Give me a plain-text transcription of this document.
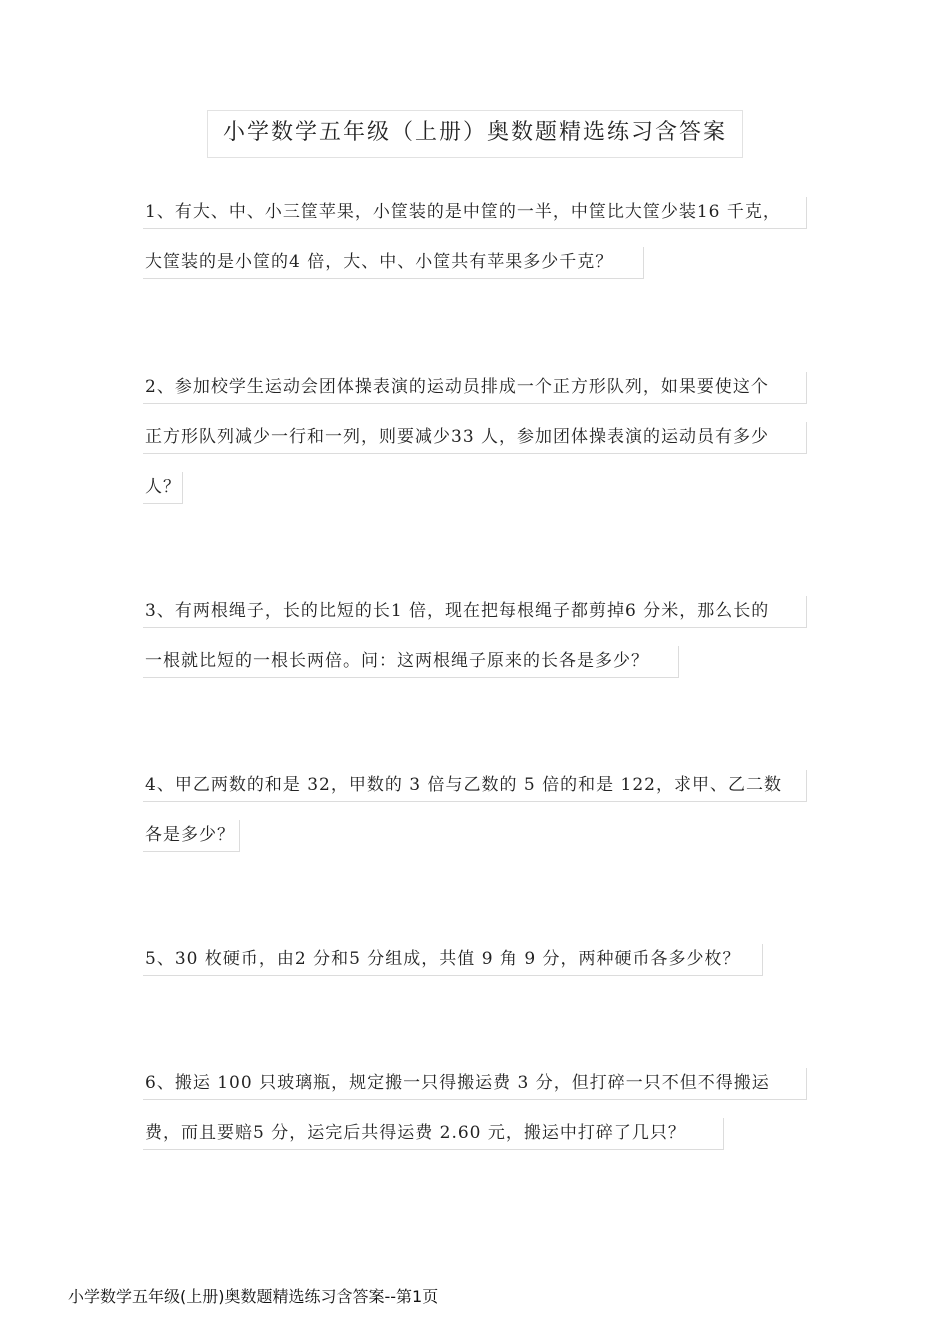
小学数学五年级（上册）奥数题精选练习含答案
1、有大、中、小三筐苹果，小筐装的是中筐的一半，中筐比大筐少装16 千克，
大筐装的是小筐的4 倍，大、中、小筐共有苹果多少千克？
2、参加校学生运动会团体操表演的运动员排成一个正方形队列，如果要使这个
正方形队列减少一行和一列，则要减少33 人，参加团体操表演的运动员有多少
人？
3、有两根绳子，长的比短的长1 倍，现在把每根绳子都剪掉6 分米，那么长的
一根就比短的一根长两倍。问：这两根绳子原来的长各是多少？
4、甲乙两数的和是 32，甲数的 3 倍与乙数的 5 倍的和是 122，求甲、乙二数
各是多少？
5、30 枚硬币，由2 分和5 分组成，共值 9 角 9 分，两种硬币各多少枚？
6、搬运 100 只玻璃瓶，规定搬一只得搬运费 3 分，但打碎一只不但不得搬运
费，而且要赔5 分，运完后共得运费 2.60 元，搬运中打碎了几只？
小学数学五年级(上册)奥数题精选练习含答案--第1页
